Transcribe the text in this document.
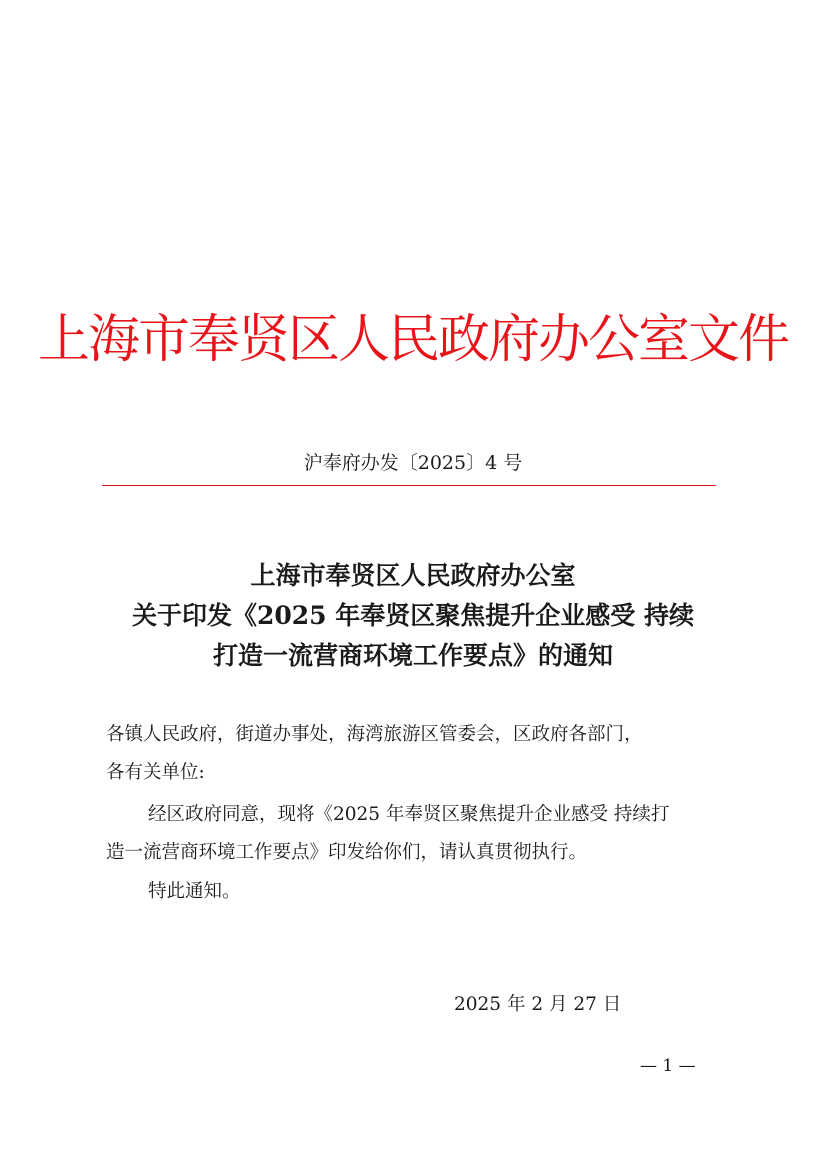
上海市奉贤区人民政府办公室文件
沪奉府办发〔2025〕4 号
上海市奉贤区人民政府办公室
关于印发《2025 年奉贤区聚焦提升企业感受 持续
打造一流营商环境工作要点》的通知
各镇人民政府，街道办事处，海湾旅游区管委会，区政府各部门，
各有关单位:
经区政府同意，现将《2025 年奉贤区聚焦提升企业感受 持续打
造一流营商环境工作要点》印发给你们，请认真贯彻执行。
特此通知。
2025 年 2 月 27 日
— 1 —
